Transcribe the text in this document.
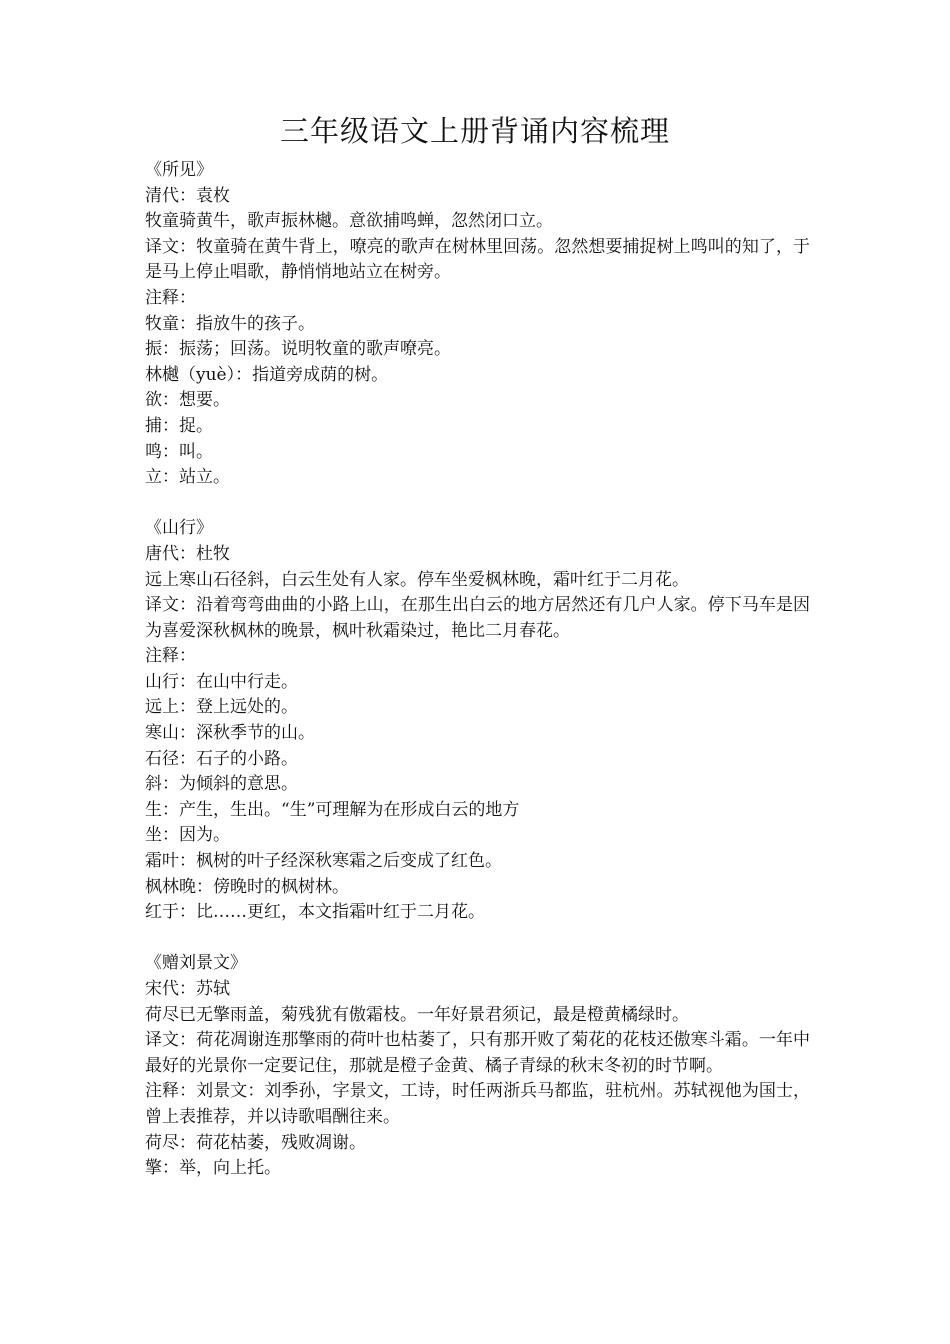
三年级语文上册背诵内容梳理

《所见》

清代：袁枚

牧童骑黄牛，歌声振林樾。意欲捕鸣蝉，忽然闭口立。

译文：牧童骑在黄牛背上，嘹亮的歌声在树林里回荡。忽然想要捕捉树上鸣叫的知了，于是马上停止唱歌，静悄悄地站立在树旁。

注释：

牧童：指放牛的孩子。

振：振荡；回荡。说明牧童的歌声嘹亮。

林樾（yuè）：指道旁成荫的树。

欲：想要。

捕：捉。

鸣：叫。

立：站立。

《山行》

唐代：杜牧

远上寒山石径斜，白云生处有人家。停车坐爱枫林晚，霜叶红于二月花。

译文：沿着弯弯曲曲的小路上山，在那生出白云的地方居然还有几户人家。停下马车是因为喜爱深秋枫林的晚景，枫叶秋霜染过，艳比二月春花。

注释：

山行：在山中行走。

远上：登上远处的。

寒山：深秋季节的山。

石径：石子的小路。

斜：为倾斜的意思。

生：产生，生出。“生”可理解为在形成白云的地方

坐：因为。

霜叶：枫树的叶子经深秋寒霜之后变成了红色。

枫林晚：傍晚时的枫树林。

红于：比……更红，本文指霜叶红于二月花。

《赠刘景文》

宋代：苏轼

荷尽已无擎雨盖，菊残犹有傲霜枝。一年好景君须记，最是橙黄橘绿时。

译文：荷花凋谢连那擎雨的荷叶也枯萎了，只有那开败了菊花的花枝还傲寒斗霜。一年中最好的光景你一定要记住，那就是橙子金黄、橘子青绿的秋末冬初的时节啊。

注释：刘景文：刘季孙，字景文，工诗，时任两浙兵马都监，驻杭州。苏轼视他为国士，曾上表推荐，并以诗歌唱酬往来。

荷尽：荷花枯萎，残败凋谢。

擎：举，向上托。
